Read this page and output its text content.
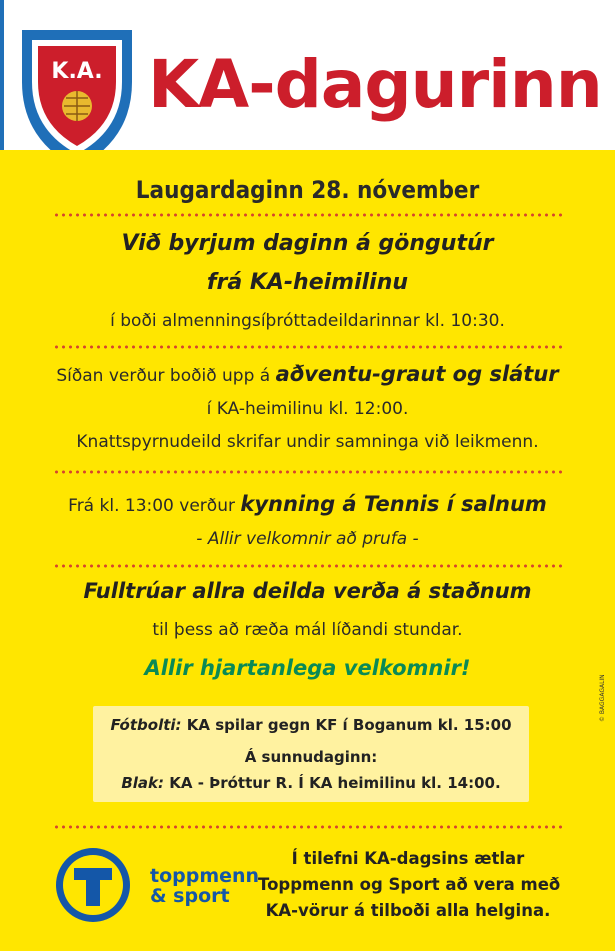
K.A. KA-dagurinn
Laugardaginn 28. nóvember
Við byrjum daginn á göngutúr
frá KA-heimilinu
í boði almenningsíþróttadeildarinnar kl. 10:30.
Síðan verður boðið upp á aðventu-graut og slátur
í KA-heimilinu kl. 12:00.
Knattspyrnudeild skrifar undir samninga við leikmenn.
Frá kl. 13:00 verður kynning á Tennis í salnum
- Allir velkomnir að prufa -
Fulltrúar allra deilda verða á staðnum
til þess að ræða mál líðandi stundar.
Allir hjartanlega velkomnir!
Fótbolti: KA spilar gegn KF í Boganum kl. 15:00
Á sunnudaginn:
Blak: KA - Þróttur R. Í KA heimilinu kl. 14:00.
© BAGGAGALIN
toppmenn
& sport
Í tilefni KA-dagsins ætlar
Toppmenn og Sport að vera með
KA-vörur á tilboði alla helgina.
